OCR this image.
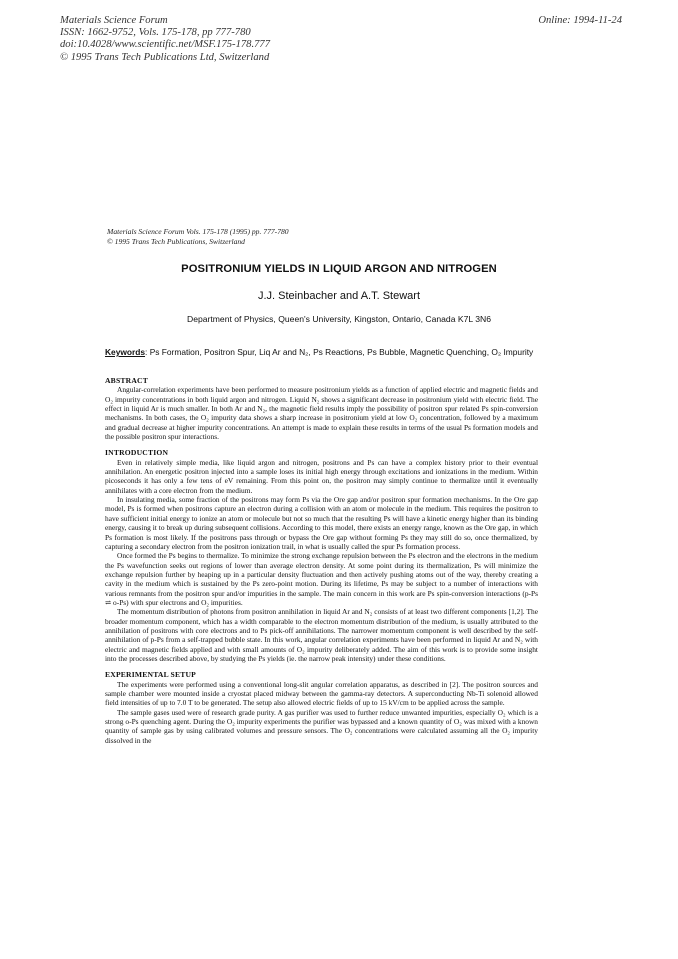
Materials Science Forum
ISSN: 1662-9752, Vols. 175-178, pp 777-780
doi:10.4028/www.scientific.net/MSF.175-178.777
© 1995 Trans Tech Publications Ltd, Switzerland
Online: 1994-11-24
Materials Science Forum Vols. 175-178 (1995) pp. 777-780
© 1995 Trans Tech Publications, Switzerland
POSITRONIUM YIELDS IN LIQUID ARGON AND NITROGEN
J.J. Steinbacher and A.T. Stewart
Department of Physics, Queen's University, Kingston, Ontario, Canada K7L 3N6
Keywords: Ps Formation, Positron Spur, Liq Ar and N₂, Ps Reactions, Ps Bubble, Magnetic Quenching, O₂ Impurity
ABSTRACT

Angular-correlation experiments have been performed to measure positronium yields as a function of applied electric and magnetic fields and O₂ impurity concentrations in both liquid argon and nitrogen. Liquid N₂ shows a significant decrease in positronium yield with electric field. The effect in liquid Ar is much smaller. In both Ar and N₂, the magnetic field results imply the possibility of positron spur related Ps spin-conversion mechanisms. In both cases, the O₂ impurity data shows a sharp increase in positronium yield at low O₂ concentration, followed by a maximum and gradual decrease at higher impurity concentrations. An attempt is made to explain these results in terms of the usual Ps formation models and the possible positron spur interactions.

INTRODUCTION

Even in relatively simple media, like liquid argon and nitrogen, positrons and Ps can have a complex history prior to their eventual annihilation. An energetic positron injected into a sample loses its initial high energy through excitations and ionizations in the medium. Within picoseconds it has only a few tens of eV remaining. From this point on, the positron may simply continue to thermalize until it eventually annihilates with a core electron from the medium.

In insulating media, some fraction of the positrons may form Ps via the Ore gap and/or positron spur formation mechanisms. In the Ore gap model, Ps is formed when positrons capture an electron during a collision with an atom or molecule in the medium. This requires the positron to have sufficient initial energy to ionize an atom or molecule but not so much that the resulting Ps will have a kinetic energy higher than its binding energy, causing it to break up during subsequent collisions. According to this model, there exists an energy range, known as the Ore gap, in which Ps formation is most likely. If the positrons pass through or bypass the Ore gap without forming Ps they may still do so, once thermalized, by capturing a secondary electron from the positron ionization trail, in what is usually called the spur Ps formation process.

Once formed the Ps begins to thermalize. To minimize the strong exchange repulsion between the Ps electron and the electrons in the medium the Ps wavefunction seeks out regions of lower than average electron density. At some point during its thermalization, Ps will minimize the exchange repulsion further by heaping up in a particular density fluctuation and then actively pushing atoms out of the way, thereby creating a cavity in the medium which is sustained by the Ps zero-point motion. During its lifetime, Ps may be subject to a number of interactions with various remnants from the positron spur and/or impurities in the sample. The main concern in this work are Ps spin-conversion interactions (p-Ps ⇌ o-Ps) with spur electrons and O₂ impurities.

The momentum distribution of photons from positron annihilation in liquid Ar and N₂ consists of at least two different components [1,2]. The broader momentum component, which has a width comparable to the electron momentum distribution of the medium, is usually attributed to the annihilation of positrons with core electrons and to Ps pick-off annihilations. The narrower momentum component is well described by the self-annihilation of p-Ps from a self-trapped bubble state. In this work, angular correlation experiments have been performed in liquid Ar and N₂ with electric and magnetic fields applied and with small amounts of O₂ impurity deliberately added. The aim of this work is to provide some insight into the processes described above, by studying the Ps yields (ie. the narrow peak intensity) under these conditions.

EXPERIMENTAL SETUP

The experiments were performed using a conventional long-slit angular correlation apparatus, as described in [2]. The positron sources and sample chamber were mounted inside a cryostat placed midway between the gamma-ray detectors. A superconducting Nb-Ti solenoid allowed field intensities of up to 7.0 T to be generated. The setup also allowed electric fields of up to 15 kV/cm to be applied across the sample.

The sample gases used were of research grade purity. A gas purifier was used to further reduce unwanted impurities, especially O₂ which is a strong o-Ps quenching agent. During the O₂ impurity experiments the purifier was bypassed and a known quantity of O₂ was mixed with a known quantity of sample gas by using calibrated volumes and pressure sensors. The O₂ concentrations were calculated assuming all the O₂ impurity dissolved in the
